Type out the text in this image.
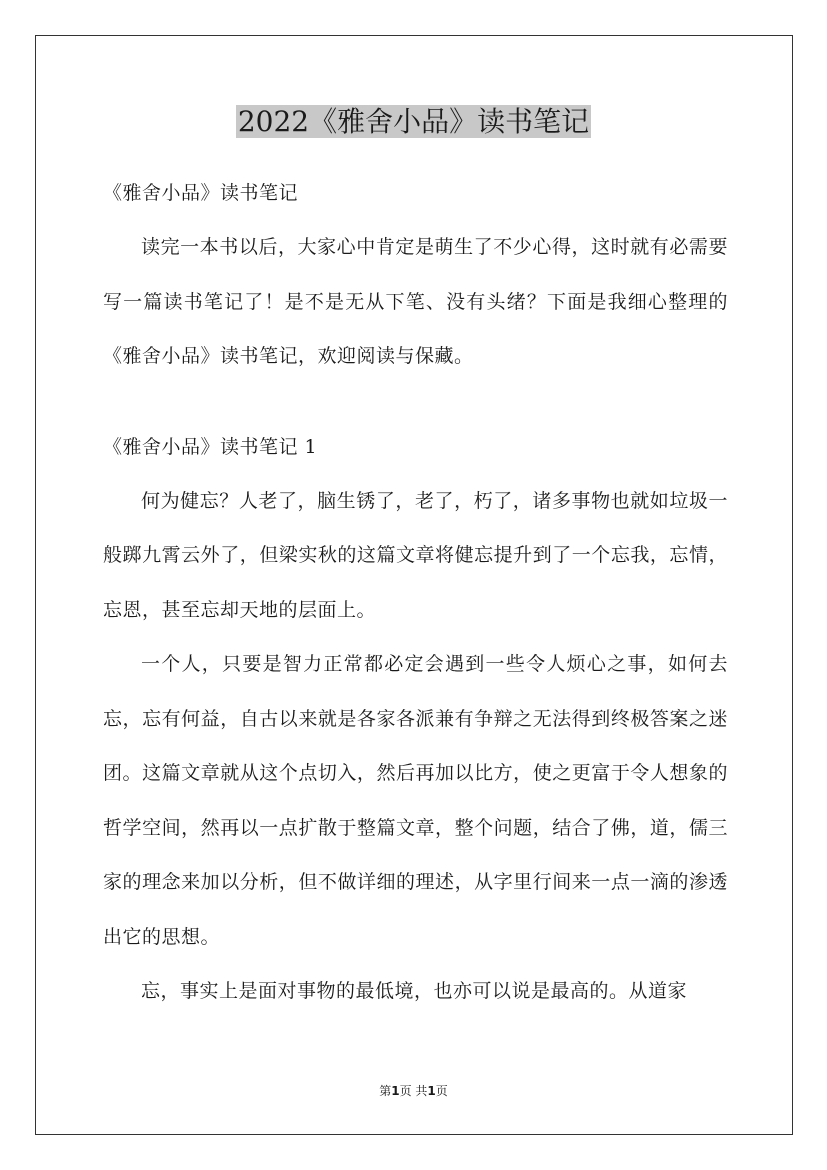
2022《雅舍小品》读书笔记

《雅舍小品》读书笔记

读完一本书以后，大家心中肯定是萌生了不少心得，这时就有必需要写一篇读书笔记了！是不是无从下笔、没有头绪？下面是我细心整理的《雅舍小品》读书笔记，欢迎阅读与保藏。

《雅舍小品》读书笔记 1

何为健忘？人老了，脑生锈了，老了，朽了，诸多事物也就如垃圾一般踯九霄云外了，但梁实秋的这篇文章将健忘提升到了一个忘我，忘情，忘恩，甚至忘却天地的层面上。

一个人，只要是智力正常都必定会遇到一些令人烦心之事，如何去忘，忘有何益，自古以来就是各家各派兼有争辩之无法得到终极答案之迷团。这篇文章就从这个点切入，然后再加以比方，使之更富于令人想象的哲学空间，然再以一点扩散于整篇文章，整个问题，结合了佛，道，儒三家的理念来加以分析，但不做详细的理述，从字里行间来一点一滴的渗透出它的思想。

忘，事实上是面对事物的最低境，也亦可以说是最高的。从道家

第1页 共1页
